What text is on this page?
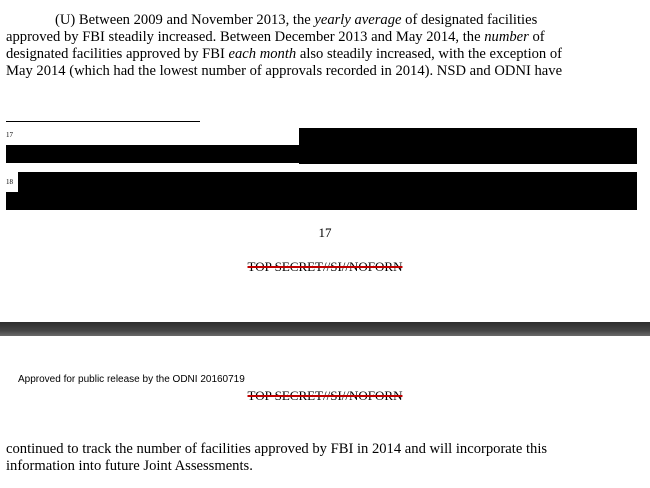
(U) Between 2009 and November 2013, the yearly average of designated facilities
approved by FBI steadily increased. Between December 2013 and May 2014, the number of
designated facilities approved by FBI each month also steadily increased, with the exception of
May 2014 (which had the lowest number of approvals recorded in 2014). NSD and ODNI have

17
18
17
TOP SECRET//SI//NOFORN
Approved for public release by the ODNI 20160719
TOP SECRET//SI//NOFORN

continued to track the number of facilities approved by FBI in 2014 and will incorporate this
information into future Joint Assessments.
